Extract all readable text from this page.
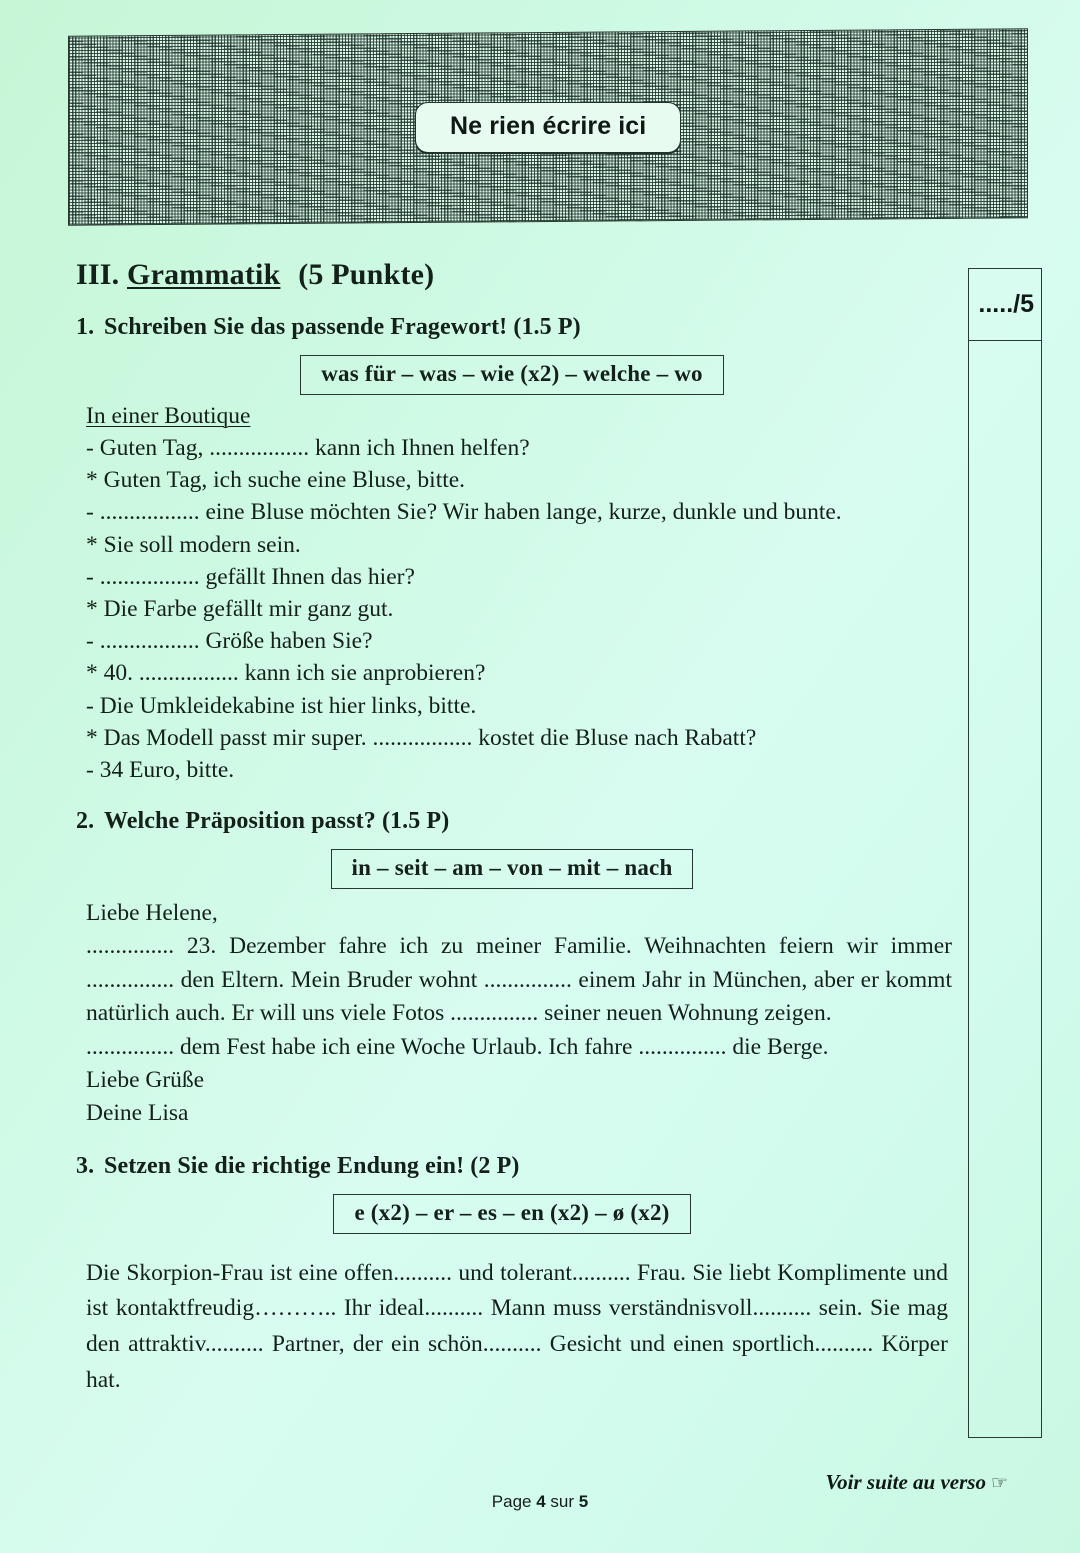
Ne rien écrire ici
...../5
III. Grammatik (5 Punkte)
1. Schreiben Sie das passende Fragewort! (1.5 P)
was für – was – wie (x2) – welche – wo
In einer Boutique
- Guten Tag, ................. kann ich Ihnen helfen?
* Guten Tag, ich suche eine Bluse, bitte.
- ................. eine Bluse möchten Sie? Wir haben lange, kurze, dunkle und bunte.
* Sie soll modern sein.
- ................. gefällt Ihnen das hier?
* Die Farbe gefällt mir ganz gut.
- ................. Größe haben Sie?
* 40. ................. kann ich sie anprobieren?
- Die Umkleidekabine ist hier links, bitte.
* Das Modell passt mir super. ................. kostet die Bluse nach Rabatt?
- 34 Euro, bitte.
2. Welche Präposition passt? (1.5 P)
in – seit – am – von – mit – nach
Liebe Helene,
............... 23. Dezember fahre ich zu meiner Familie. Weihnachten feiern wir immer ............... den Eltern. Mein Bruder wohnt ............... einem Jahr in München, aber er kommt natürlich auch. Er will uns viele Fotos ............... seiner neuen Wohnung zeigen.
............... dem Fest habe ich eine Woche Urlaub. Ich fahre ............... die Berge.
Liebe Grüße
Deine Lisa
3. Setzen Sie die richtige Endung ein! (2 P)
e (x2) – er – es – en (x2) – ø (x2)
Die Skorpion-Frau ist eine offen.......... und tolerant.......... Frau. Sie liebt Komplimente und ist kontaktfreudig……….. Ihr ideal.......... Mann muss verständnisvoll.......... sein. Sie mag den attraktiv.......... Partner, der ein schön.......... Gesicht und einen sportlich.......... Körper hat.
Page 4 sur 5
Voir suite au verso ☞
